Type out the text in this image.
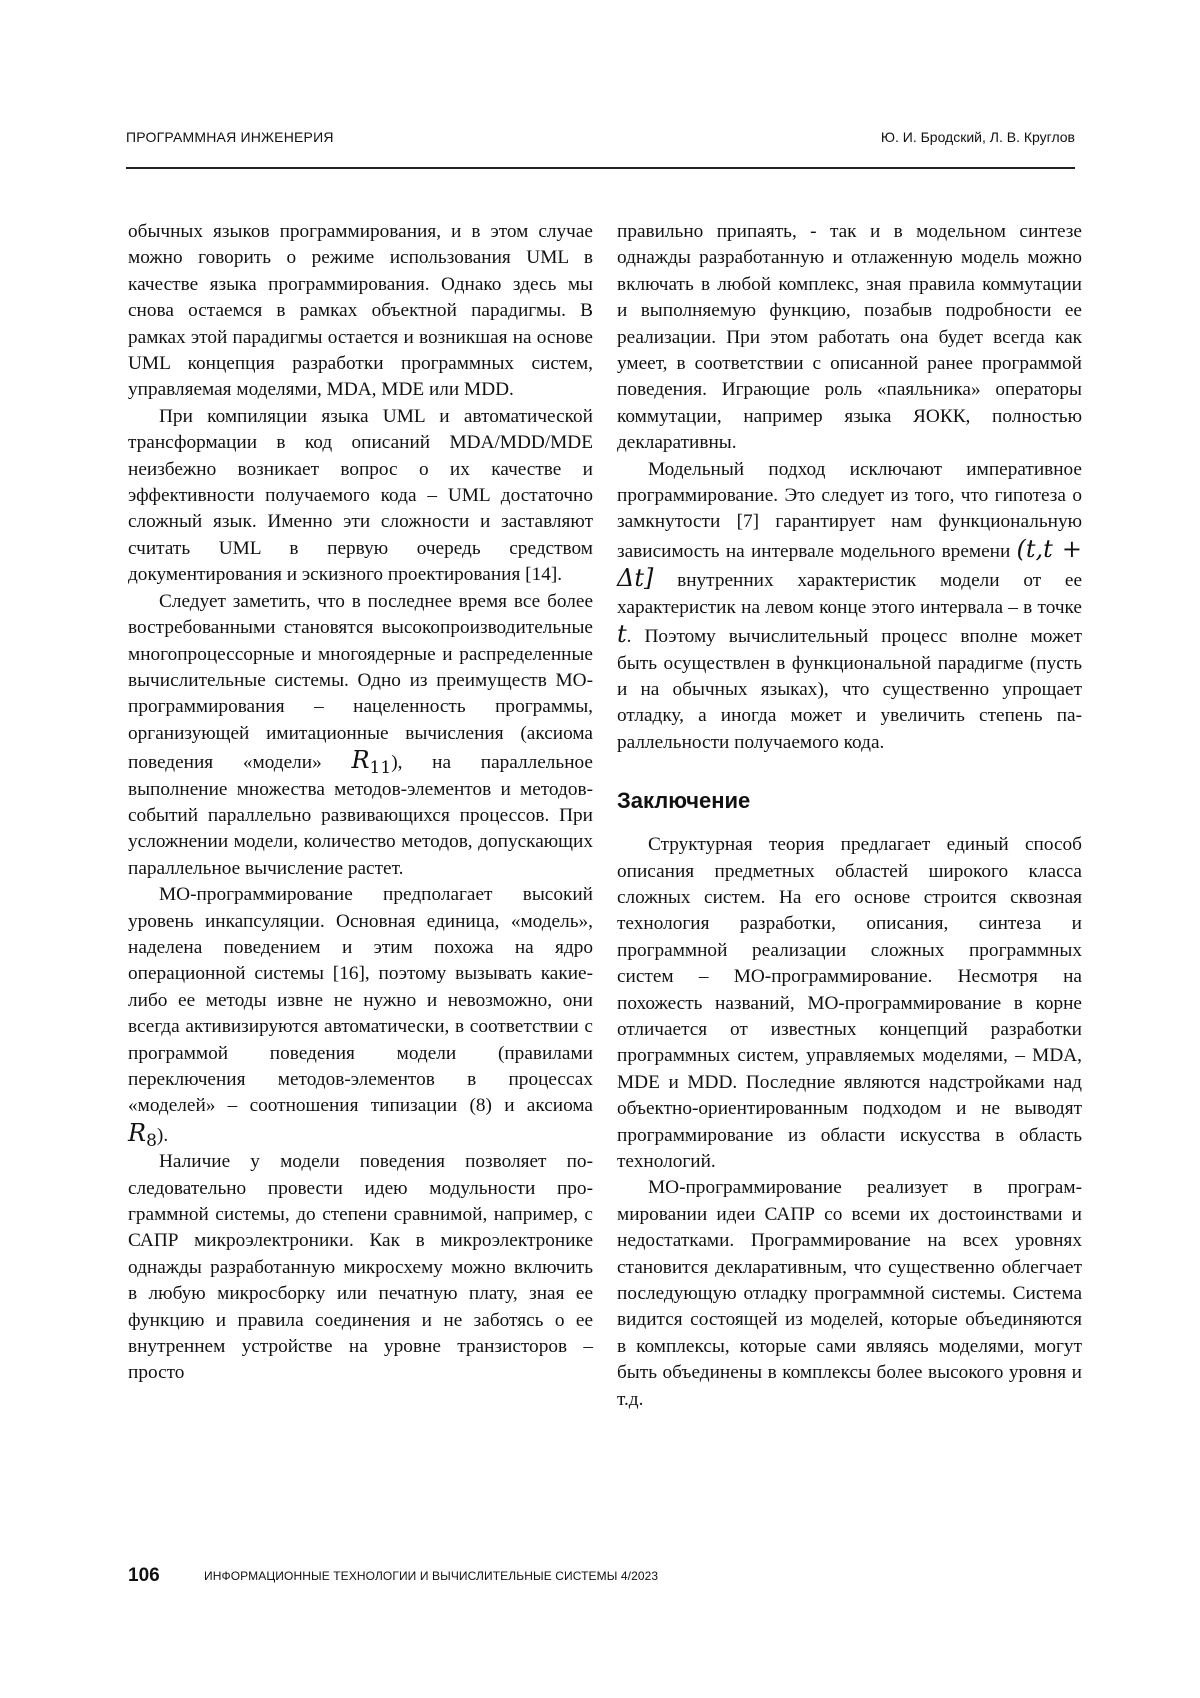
ПРОГРАММНАЯ ИНЖЕНЕРИЯ	Ю. И. Бродский, Л. В. Круглов

обычных языков программирования, и в этом случае можно говорить о режиме использования UML в качестве языка программирования. Однако здесь мы снова остаемся в рамках объектной парадигмы. В рамках этой парадигмы остается и возникшая на основе UML концепция разработки программных систем, управляемая моделями, MDA, MDE или MDD.

При компиляции языка UML и автоматической трансформации в код описаний MDA/MDD/MDE неизбежно возникает вопрос о их качестве и эффективности получаемого кода – UML достаточно сложный язык. Именно эти сложности и заставляют считать UML в первую очередь средством документирования и эскизного проектирования [14].

Следует заметить, что в последнее время все более востребованными становятся высокопроизводительные многопроцессорные и многоядерные и распределенные вычислительные системы. Одно из преимуществ МО-программирования – нацеленность программы, организующей имитационные вычисления (аксиома поведения «модели» $R_{11}$), на параллельное выполнение множества методов-элементов и методов-событий параллельно развивающихся процессов. При усложнении модели, количество методов, допускающих параллельное вычисление растет.

МО-программирование предполагает высокий уровень инкапсуляции. Основная единица, «модель», наделена поведением и этим похожа на ядро операционной системы [16], поэтому вызывать какие-либо ее методы извне не нужно и невозможно, они всегда активизируются автоматически, в соответствии с программой поведения модели (правилами переключения методов-элементов в процессах «моделей» – соотношения типизации (8) и аксиома $R_8$).

Наличие у модели поведения позволяет последовательно провести идею модульности программной системы, до степени сравнимой, например, с САПР микроэлектроники. Как в микроэлектронике однажды разработанную микросхему можно включить в любую микросборку или печатную плату, зная ее функцию и правила соединения и не заботясь о ее внутреннем устройстве на уровне транзисторов – просто

правильно припаять, - так и в модельном синтезе однажды разработанную и отлаженную модель можно включать в любой комплекс, зная правила коммутации и выполняемую функцию, позабыв подробности ее реализации. При этом работать она будет всегда как умеет, в соответствии с описанной ранее программой поведения. Играющие роль «паяльника» операторы коммутации, например языка ЯОКК, полностью декларативны.

Модельный подход исключают императивное программирование. Это следует из того, что гипотеза о замкнутости [7] гарантирует нам функциональную зависимость на интервале модельного времени (t,t + Δt] внутренних характеристик модели от ее характеристик на левом конце этого интервала – в точке t. Поэтому вычислительный процесс вполне может быть осуществлен в функциональной парадигме (пусть и на обычных языках), что существенно упрощает отладку, а иногда может и увеличить степень параллельности получаемого кода.

Заключение

Структурная теория предлагает единый способ описания предметных областей широкого класса сложных систем. На его основе строится сквозная технология разработки, описания, синтеза и программной реализации сложных программных систем – МО-программирование. Несмотря на похожесть названий, МО-программирование в корне отличается от известных концепций разработки программных систем, управляемых моделями, – MDA, MDE и MDD. Последние являются надстройками над объектно-ориентированным подходом и не выводят программирование из области искусства в область технологий.

МО-программирование реализует в программировании идеи САПР со всеми их достоинствами и недостатками. Программирование на всех уровнях становится декларативным, что существенно облегчает последующую отладку программной системы. Система видится состоящей из моделей, которые объединяются в комплексы, которые сами являясь моделями, могут быть объединены в комплексы более высокого уровня и т.д.

106	ИНФОРМАЦИОННЫЕ ТЕХНОЛОГИИ И ВЫЧИСЛИТЕЛЬНЫЕ СИСТЕМЫ 4/2023
